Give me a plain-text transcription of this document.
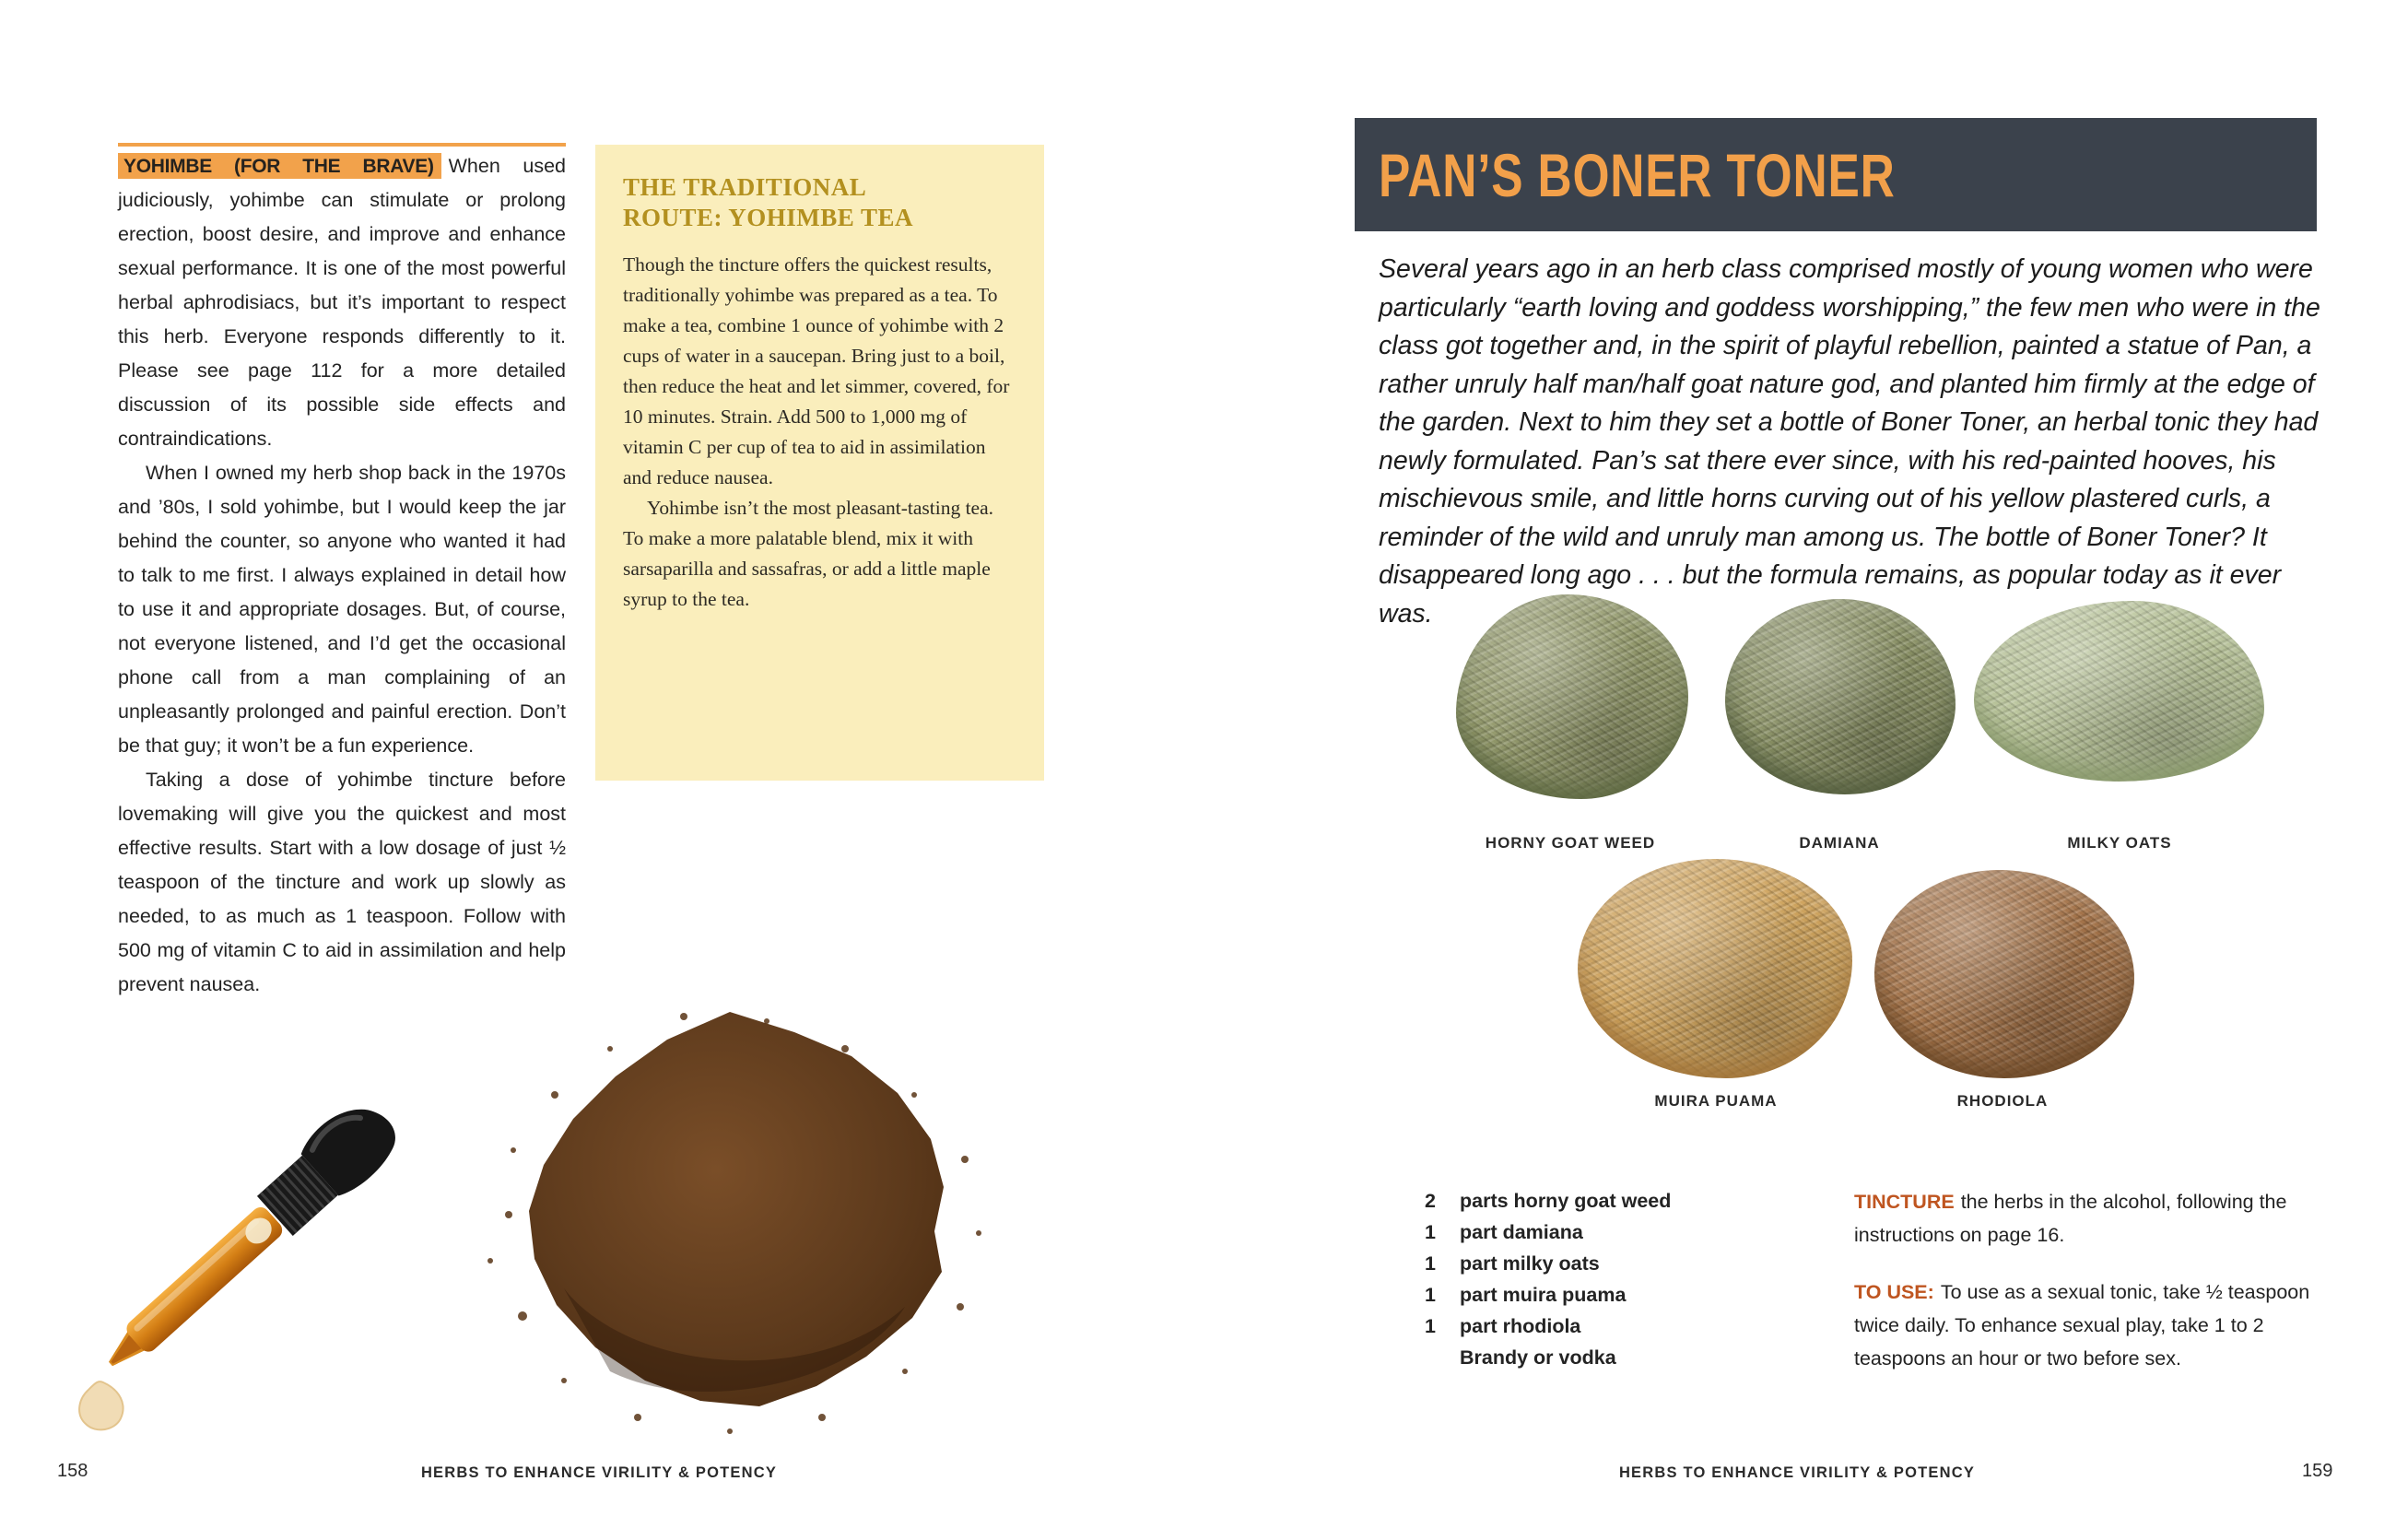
YOHIMBE (FOR THE BRAVE) When used judiciously, yohimbe can stimulate or prolong erection, boost desire, and improve and enhance sexual performance. It is one of the most powerful herbal aphrodisiacs, but it’s important to respect this herb. Everyone responds differently to it. Please see page 112 for a more detailed discussion of its possible side effects and contraindications.

When I owned my herb shop back in the 1970s and ’80s, I sold yohimbe, but I would keep the jar behind the counter, so anyone who wanted it had to talk to me first. I always explained in detail how to use it and appropriate dosages. But, of course, not everyone listened, and I’d get the occasional phone call from a man complaining of an unpleasantly prolonged and painful erection. Don’t be that guy; it won’t be a fun experience.

Taking a dose of yohimbe tincture before lovemaking will give you the quickest and most effective results. Start with a low dosage of just ½ teaspoon of the tincture and work up slowly as needed, to as much as 1 teaspoon. Follow with 500 mg of vitamin C to aid in assimilation and help prevent nausea.

THE TRADITIONAL
ROUTE: YOHIMBE TEA

Though the tincture offers the quickest results, traditionally yohimbe was prepared as a tea. To make a tea, combine 1 ounce of yohimbe with 2 cups of water in a saucepan. Bring just to a boil, then reduce the heat and let simmer, covered, for 10 minutes. Strain. Add 500 to 1,000 mg of vitamin C per cup of tea to aid in assimilation and reduce nausea.

Yohimbe isn’t the most pleasant-tasting tea. To make a more palatable blend, mix it with sarsaparilla and sassafras, or add a little maple syrup to the tea.

158	HERBS TO ENHANCE VIRILITY & POTENCY
PAN’S BONER TONER

Several years ago in an herb class comprised mostly of young women who were particularly “earth loving and goddess worshipping,” the few men who were in the class got together and, in the spirit of playful rebellion, painted a statue of Pan, a rather unruly half man/half goat nature god, and planted him firmly at the edge of the garden. Next to him they set a bottle of Boner Toner, an herbal tonic they had newly formulated. Pan’s sat there ever since, with his red-painted hooves, his mischievous smile, and little horns curving out of his yellow plastered curls, a reminder of the wild and unruly man among us. The bottle of Boner Toner? It disappeared long ago . . . but the formula remains, as popular today as it ever was.

HORNY GOAT WEED	DAMIANA	MILKY OATS
MUIRA PUAMA	RHODIOLA
2	parts horny goat weed
1	part damiana
1	part milky oats
1	part muira puama
1	part rhodiola
Brandy or vodka

TINCTURE the herbs in the alcohol, following the instructions on page 16.

TO USE: To use as a sexual tonic, take ½ teaspoon twice daily. To enhance sexual play, take 1 to 2 teaspoons an hour or two before sex.

HERBS TO ENHANCE VIRILITY & POTENCY	159
